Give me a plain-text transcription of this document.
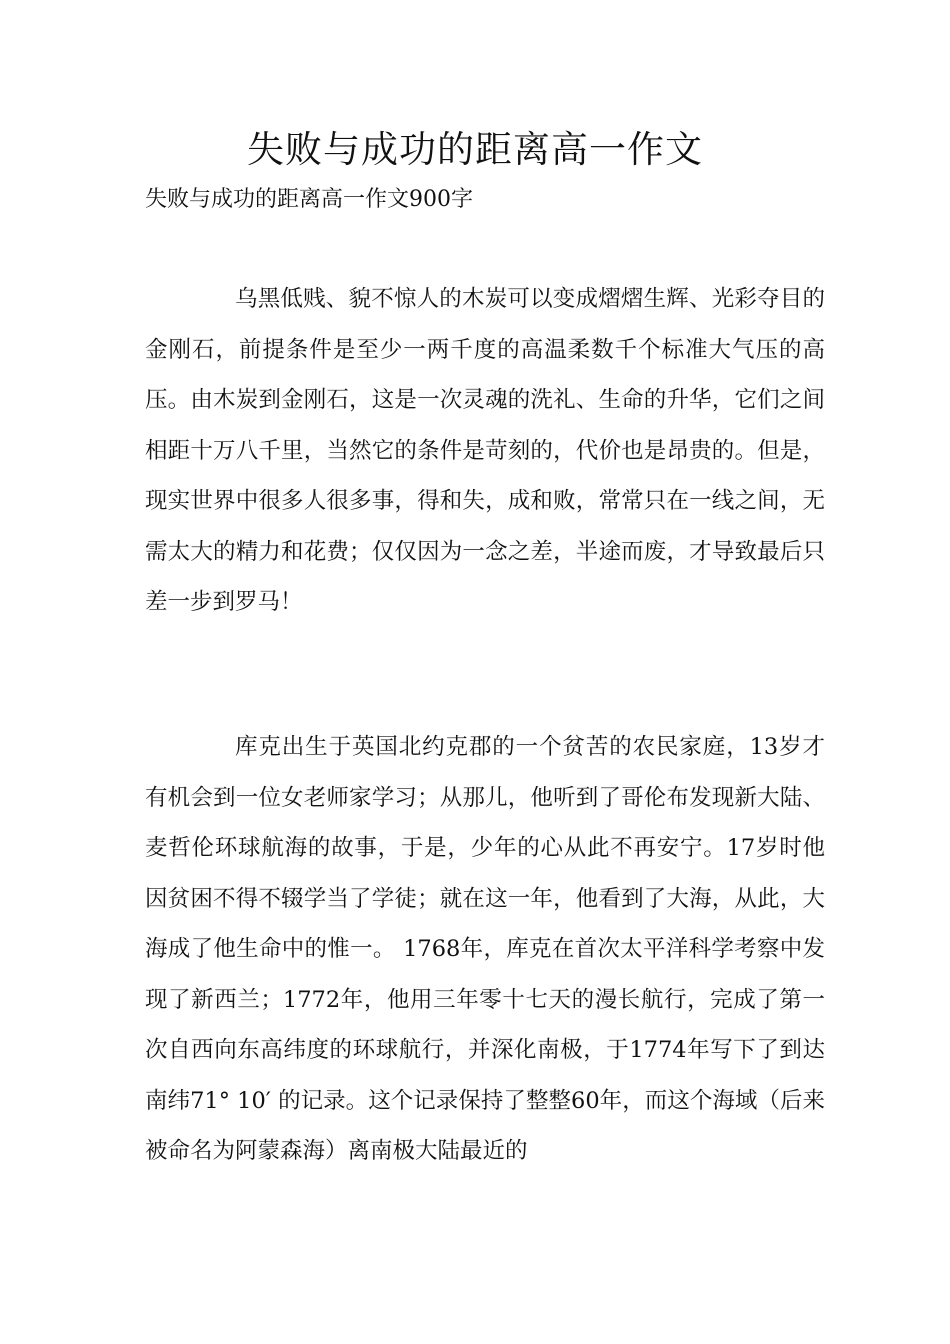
失败与成功的距离高一作文

失败与成功的距离高一作文900字

乌黑低贱、貌不惊人的木炭可以变成熠熠生辉、光彩夺目的金刚石，前提条件是至少一两千度的高温柔数千个标准大气压的高压。由木炭到金刚石，这是一次灵魂的洗礼、生命的升华，它们之间相距十万八千里，当然它的条件是苛刻的，代价也是昂贵的。但是，现实世界中很多人很多事，得和失，成和败，常常只在一线之间，无需太大的精力和花费；仅仅因为一念之差，半途而废，才导致最后只差一步到罗马！

库克出生于英国北约克郡的一个贫苦的农民家庭，13岁才有机会到一位女老师家学习；从那儿，他听到了哥伦布发现新大陆、麦哲伦环球航海的故事，于是，少年的心从此不再安宁。17岁时他因贫困不得不辍学当了学徒；就在这一年，他看到了大海，从此，大海成了他生命中的惟一。 1768年，库克在首次太平洋科学考察中发现了新西兰；1772年，他用三年零十七天的漫长航行，完成了第一次自西向东高纬度的环球航行，并深化南极，于1774年写下了到达南纬71° 10′ 的记录。这个记录保持了整整60年，而这个海域（后来被命名为阿蒙森海）离南极大陆最近的
